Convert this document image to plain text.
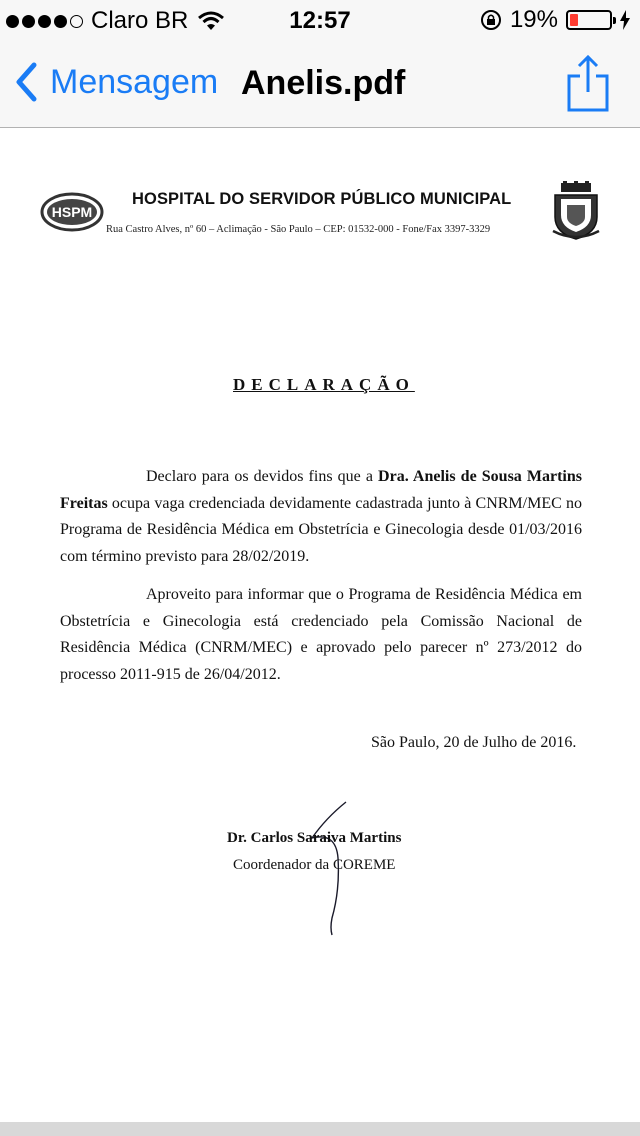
Claro BR	12:57	19%
Mensagem Anelis.pdf
HSPM
HOSPITAL DO SERVIDOR PÚBLICO MUNICIPAL
Rua Castro Alves, nº 60 – Aclimação - São Paulo – CEP: 01532-000 - Fone/Fax 3397-3329
DECLARAÇÃO
Declaro para os devidos fins que a Dra. Anelis de Sousa Martins Freitas ocupa vaga credenciada devidamente cadastrada junto à CNRM/MEC no Programa de Residência Médica em Obstetrícia e Ginecologia desde 01/03/2016 com término previsto para 28/02/2019.
Aproveito para informar que o Programa de Residência Médica em Obstetrícia e Ginecologia está credenciado pela Comissão Nacional de Residência Médica (CNRM/MEC) e aprovado pelo parecer nº 273/2012 do processo 2011-915 de 26/04/2012.
São Paulo, 20 de Julho de 2016.
Dr. Carlos Saraiva Martins
Coordenador da COREME
